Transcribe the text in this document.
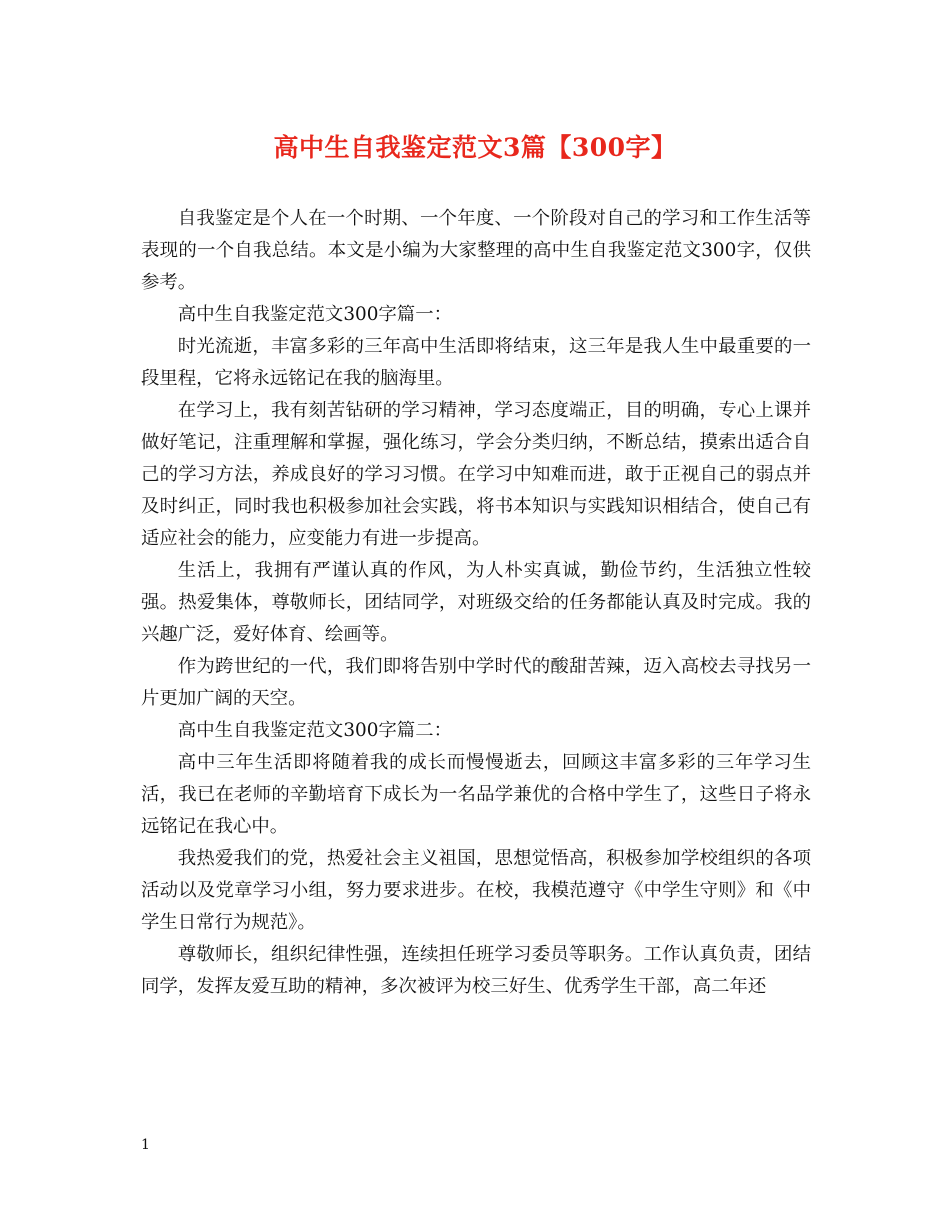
高中生自我鉴定范文3篇【300字】

自我鉴定是个人在一个时期、一个年度、一个阶段对自己的学习和工作生活等表现的一个自我总结。本文是小编为大家整理的高中生自我鉴定范文300字，仅供参考。

高中生自我鉴定范文300字篇一：

时光流逝，丰富多彩的三年高中生活即将结束，这三年是我人生中最重要的一段里程，它将永远铭记在我的脑海里。

在学习上，我有刻苦钻研的学习精神，学习态度端正，目的明确，专心上课并做好笔记，注重理解和掌握，强化练习，学会分类归纳，不断总结，摸索出适合自己的学习方法，养成良好的学习习惯。在学习中知难而进，敢于正视自己的弱点并及时纠正，同时我也积极参加社会实践，将书本知识与实践知识相结合，使自己有适应社会的能力，应变能力有进一步提高。

生活上，我拥有严谨认真的作风，为人朴实真诚，勤俭节约，生活独立性较强。热爱集体，尊敬师长，团结同学，对班级交给的任务都能认真及时完成。我的兴趣广泛，爱好体育、绘画等。

作为跨世纪的一代，我们即将告别中学时代的酸甜苦辣，迈入高校去寻找另一片更加广阔的天空。

高中生自我鉴定范文300字篇二：

高中三年生活即将随着我的成长而慢慢逝去，回顾这丰富多彩的三年学习生活，我已在老师的辛勤培育下成长为一名品学兼优的合格中学生了，这些日子将永远铭记在我心中。

我热爱我们的党，热爱社会主义祖国，思想觉悟高，积极参加学校组织的各项活动以及党章学习小组，努力要求进步。在校，我模范遵守《中学生守则》和《中学生日常行为规范》。

尊敬师长，组织纪律性强，连续担任班学习委员等职务。工作认真负责，团结同学，发挥友爱互助的精神，多次被评为校三好生、优秀学生干部，高二年还

1
